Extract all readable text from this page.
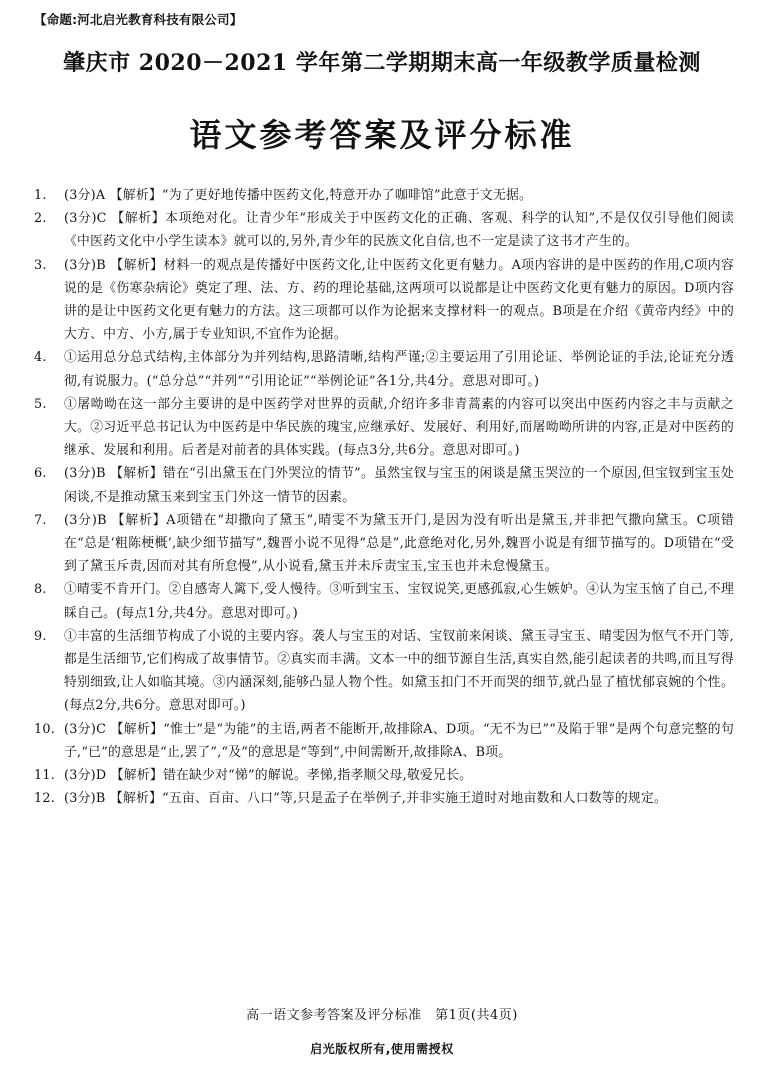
【命题:河北启光教育科技有限公司】
肇庆市 2020－2021 学年第二学期期末高一年级教学质量检测
语文参考答案及评分标准
1.	(3分)A 【解析】“为了更好地传播中医药文化,特意开办了咖啡馆”此意于文无据。
2.	(3分)C 【解析】本项绝对化。让青少年“形成关于中医药文化的正确、客观、科学的认知”,不是仅仅引导他们阅读《中医药文化中小学生读本》就可以的,另外,青少年的民族文化自信,也不一定是读了这书才产生的。
3.	(3分)B 【解析】材料一的观点是传播好中医药文化,让中医药文化更有魅力。A项内容讲的是中医药的作用,C项内容说的是《伤寒杂病论》奠定了理、法、方、药的理论基础,这两项可以说都是让中医药文化更有魅力的原因。D项内容讲的是让中医药文化更有魅力的方法。这三项都可以作为论据来支撑材料一的观点。B项是在介绍《黄帝内经》中的大方、中方、小方,属于专业知识,不宜作为论据。
4.	①运用总分总式结构,主体部分为并列结构,思路清晰,结构严谨;②主要运用了引用论证、举例论证的手法,论证充分透彻,有说服力。(“总分总”“并列”“引用论证”“举例论证”各1分,共4分。意思对即可。)
5.	①屠呦呦在这一部分主要讲的是中医药学对世界的贡献,介绍许多非青蒿素的内容可以突出中医药内容之丰与贡献之大。②习近平总书记认为中医药是中华民族的瑰宝,应继承好、发展好、利用好,而屠呦呦所讲的内容,正是对中医药的继承、发展和利用。后者是对前者的具体实践。(每点3分,共6分。意思对即可。)
6.	(3分)B 【解析】错在“引出黛玉在门外哭泣的情节”。虽然宝钗与宝玉的闲谈是黛玉哭泣的一个原因,但宝钗到宝玉处闲谈,不是推动黛玉来到宝玉门外这一情节的因素。
7.	(3分)B 【解析】A项错在“却撒向了黛玉”,晴雯不为黛玉开门,是因为没有听出是黛玉,并非把气撒向黛玉。C项错在“总是‘粗陈梗概’,缺少细节描写”,魏晋小说不见得“总是”,此意绝对化,另外,魏晋小说是有细节描写的。D项错在“受到了黛玉斥责,因而对其有所怠慢”,从小说看,黛玉并未斥责宝玉,宝玉也并未怠慢黛玉。
8.	①晴雯不肯开门。②自感寄人篱下,受人慢待。③听到宝玉、宝钗说笑,更感孤寂,心生嫉妒。④认为宝玉恼了自己,不理睬自己。(每点1分,共4分。意思对即可。)
9.	①丰富的生活细节构成了小说的主要内容。袭人与宝玉的对话、宝钗前来闲谈、黛玉寻宝玉、晴雯因为怄气不开门等,都是生活细节,它们构成了故事情节。②真实而丰满。文本一中的细节源自生活,真实自然,能引起读者的共鸣,而且写得特别细致,让人如临其境。③内涵深刻,能够凸显人物个性。如黛玉扣门不开而哭的细节,就凸显了植忧郁哀婉的个性。(每点2分,共6分。意思对即可。)
10. (3分)C 【解析】“惟士”是“为能”的主语,两者不能断开,故排除A、D项。“无不为已”“及陷于罪”是两个句意完整的句子,“已”的意思是“止,罢了”,“及”的意思是“等到”,中间需断开,故排除A、B项。
11. (3分)D 【解析】错在缺少对“悌”的解说。孝悌,指孝顺父母,敬爱兄长。
12. (3分)B 【解析】“五亩、百亩、八口”等,只是孟子在举例子,并非实施王道时对地亩数和人口数等的规定。
高一语文参考答案及评分标准　第1页(共4页)
启光版权所有,使用需授权
